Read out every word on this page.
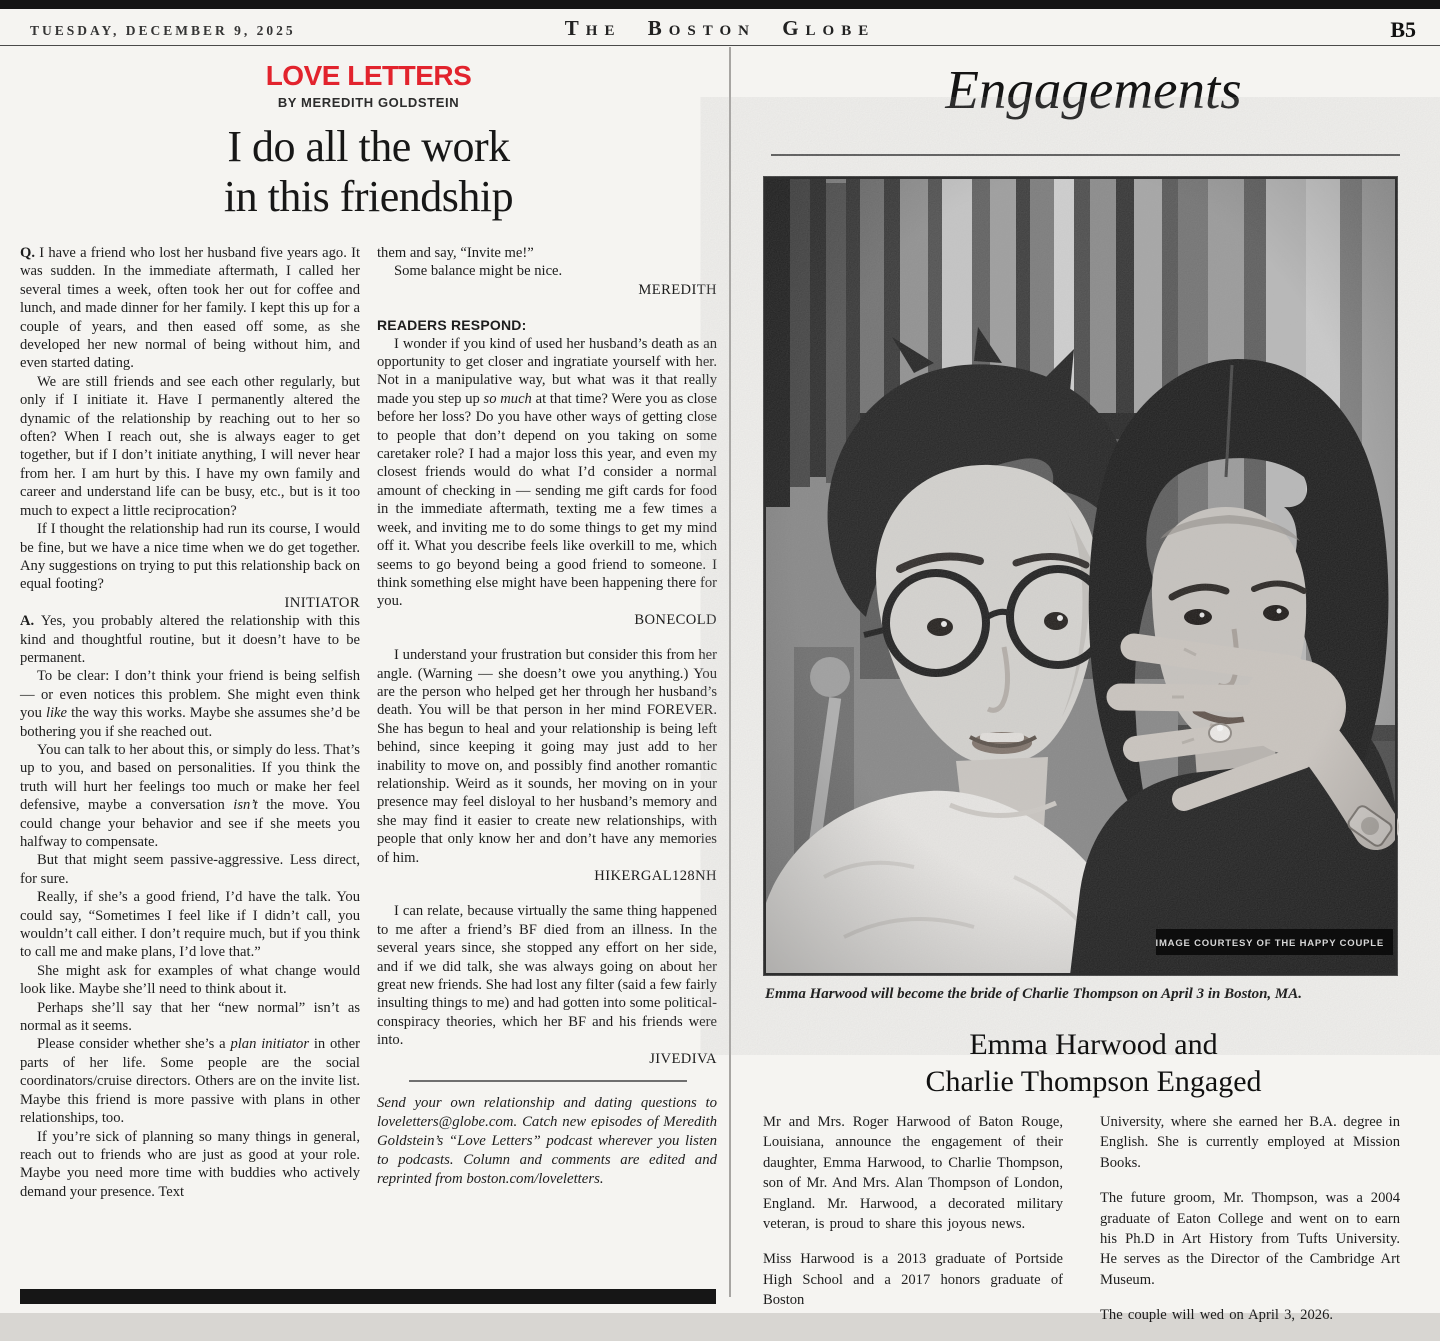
TUESDAY, DECEMBER 9, 2025	The Boston Globe	B5
LOVE LETTERS
BY MEREDITH GOLDSTEIN
I do all the work
in this friendship

Q. I have a friend who lost her husband five years ago. It was sudden. In the immediate aftermath, I called her several times a week, often took her out for coffee and lunch, and made dinner for her family. I kept this up for a couple of years, and then eased off some, as she developed her new normal of being without him, and even started dating.

We are still friends and see each other regularly, but only if I initiate it. Have I permanently altered the dynamic of the relationship by reaching out to her so often? When I reach out, she is always eager to get together, but if I don’t initiate anything, I will never hear from her. I am hurt by this. I have my own family and career and understand life can be busy, etc., but is it too much to expect a little reciprocation?

If I thought the relationship had run its course, I would be fine, but we have a nice time when we do get together. Any suggestions on trying to put this relationship back on equal footing?

INITIATOR

A. Yes, you probably altered the relationship with this kind and thoughtful routine, but it doesn’t have to be permanent.

To be clear: I don’t think your friend is being selfish — or even notices this problem. She might even think you like the way this works. Maybe she assumes she’d be bothering you if she reached out.

You can talk to her about this, or simply do less. That’s up to you, and based on personalities. If you think the truth will hurt her feelings too much or make her feel defensive, maybe a conversation isn’t the move. You could change your behavior and see if she meets you halfway to compensate.

But that might seem passive-aggressive. Less direct, for sure.

Really, if she’s a good friend, I’d have the talk. You could say, “Sometimes I feel like if I didn’t call, you wouldn’t call either. I don’t require much, but if you think to call me and make plans, I’d love that.”

She might ask for examples of what change would look like. Maybe she’ll need to think about it.

Perhaps she’ll say that her “new normal” isn’t as normal as it seems.

Please consider whether she’s a plan initiator in other parts of her life. Some people are the social coordinators/cruise directors. Others are on the invite list. Maybe this friend is more passive with plans in other relationships, too.

If you’re sick of planning so many things in general, reach out to friends who are just as good at your role. Maybe you need more time with buddies who actively demand your presence. Text

them and say, “Invite me!”

Some balance might be nice.

MEREDITH

READERS RESPOND:

I wonder if you kind of used her husband’s death as an opportunity to get closer and ingratiate yourself with her. Not in a manipulative way, but what was it that really made you step up so much at that time? Were you as close before her loss? Do you have other ways of getting close to people that don’t depend on you taking on some caretaker role? I had a major loss this year, and even my closest friends would do what I’d consider a normal amount of checking in — sending me gift cards for food in the immediate aftermath, texting me a few times a week, and inviting me to do some things to get my mind off it. What you describe feels like overkill to me, which seems to go beyond being a good friend to someone. I think something else might have been happening there for you.

BONECOLD

I understand your frustration but consider this from her angle. (Warning — she doesn’t owe you anything.) You are the person who helped get her through her husband’s death. You will be that person in her mind FOREVER. She has begun to heal and your relationship is being left behind, since keeping it going may just add to her inability to move on, and possibly find another romantic relationship. Weird as it sounds, her moving on in your presence may feel disloyal to her husband’s memory and she may find it easier to create new relationships, with people that only know her and don’t have any memories of him.

HIKERGAL128NH

I can relate, because virtually the same thing happened to me after a friend’s BF died from an illness. In the several years since, she stopped any effort on her side, and if we did talk, she was always going on about her great new friends. She had lost any filter (said a few fairly insulting things to me) and had gotten into some political-conspiracy theories, which her BF and his friends were into.

JIVEDIVA

Send your own relationship and dating questions to loveletters@globe.com. Catch new episodes of Meredith Goldstein’s “Love Letters” podcast wherever you listen to podcasts. Column and comments are edited and reprinted from boston.com/loveletters.

Engagements
IMAGE COURTESY OF THE HAPPY COUPLE

Emma Harwood will become the bride of Charlie Thompson on April 3 in Boston, MA.

Emma Harwood and
Charlie Thompson Engaged

Mr and Mrs. Roger Harwood of Baton Rouge, Louisiana, announce the engagement of their daughter, Emma Harwood, to Charlie Thompson, son of Mr. And Mrs. Alan Thompson of London, England. Mr. Harwood, a decorated military veteran, is proud to share this joyous news.

Miss Harwood is a 2013 graduate of Portside High School and a 2017 honors graduate of Boston

University, where she earned her B.A. degree in English. She is currently employed at Mission Books.

The future groom, Mr. Thompson, was a 2004 graduate of Eaton College and went on to earn his Ph.D in Art History from Tufts University. He serves as the Director of the Cambridge Art Museum.

The couple will wed on April 3, 2026.
